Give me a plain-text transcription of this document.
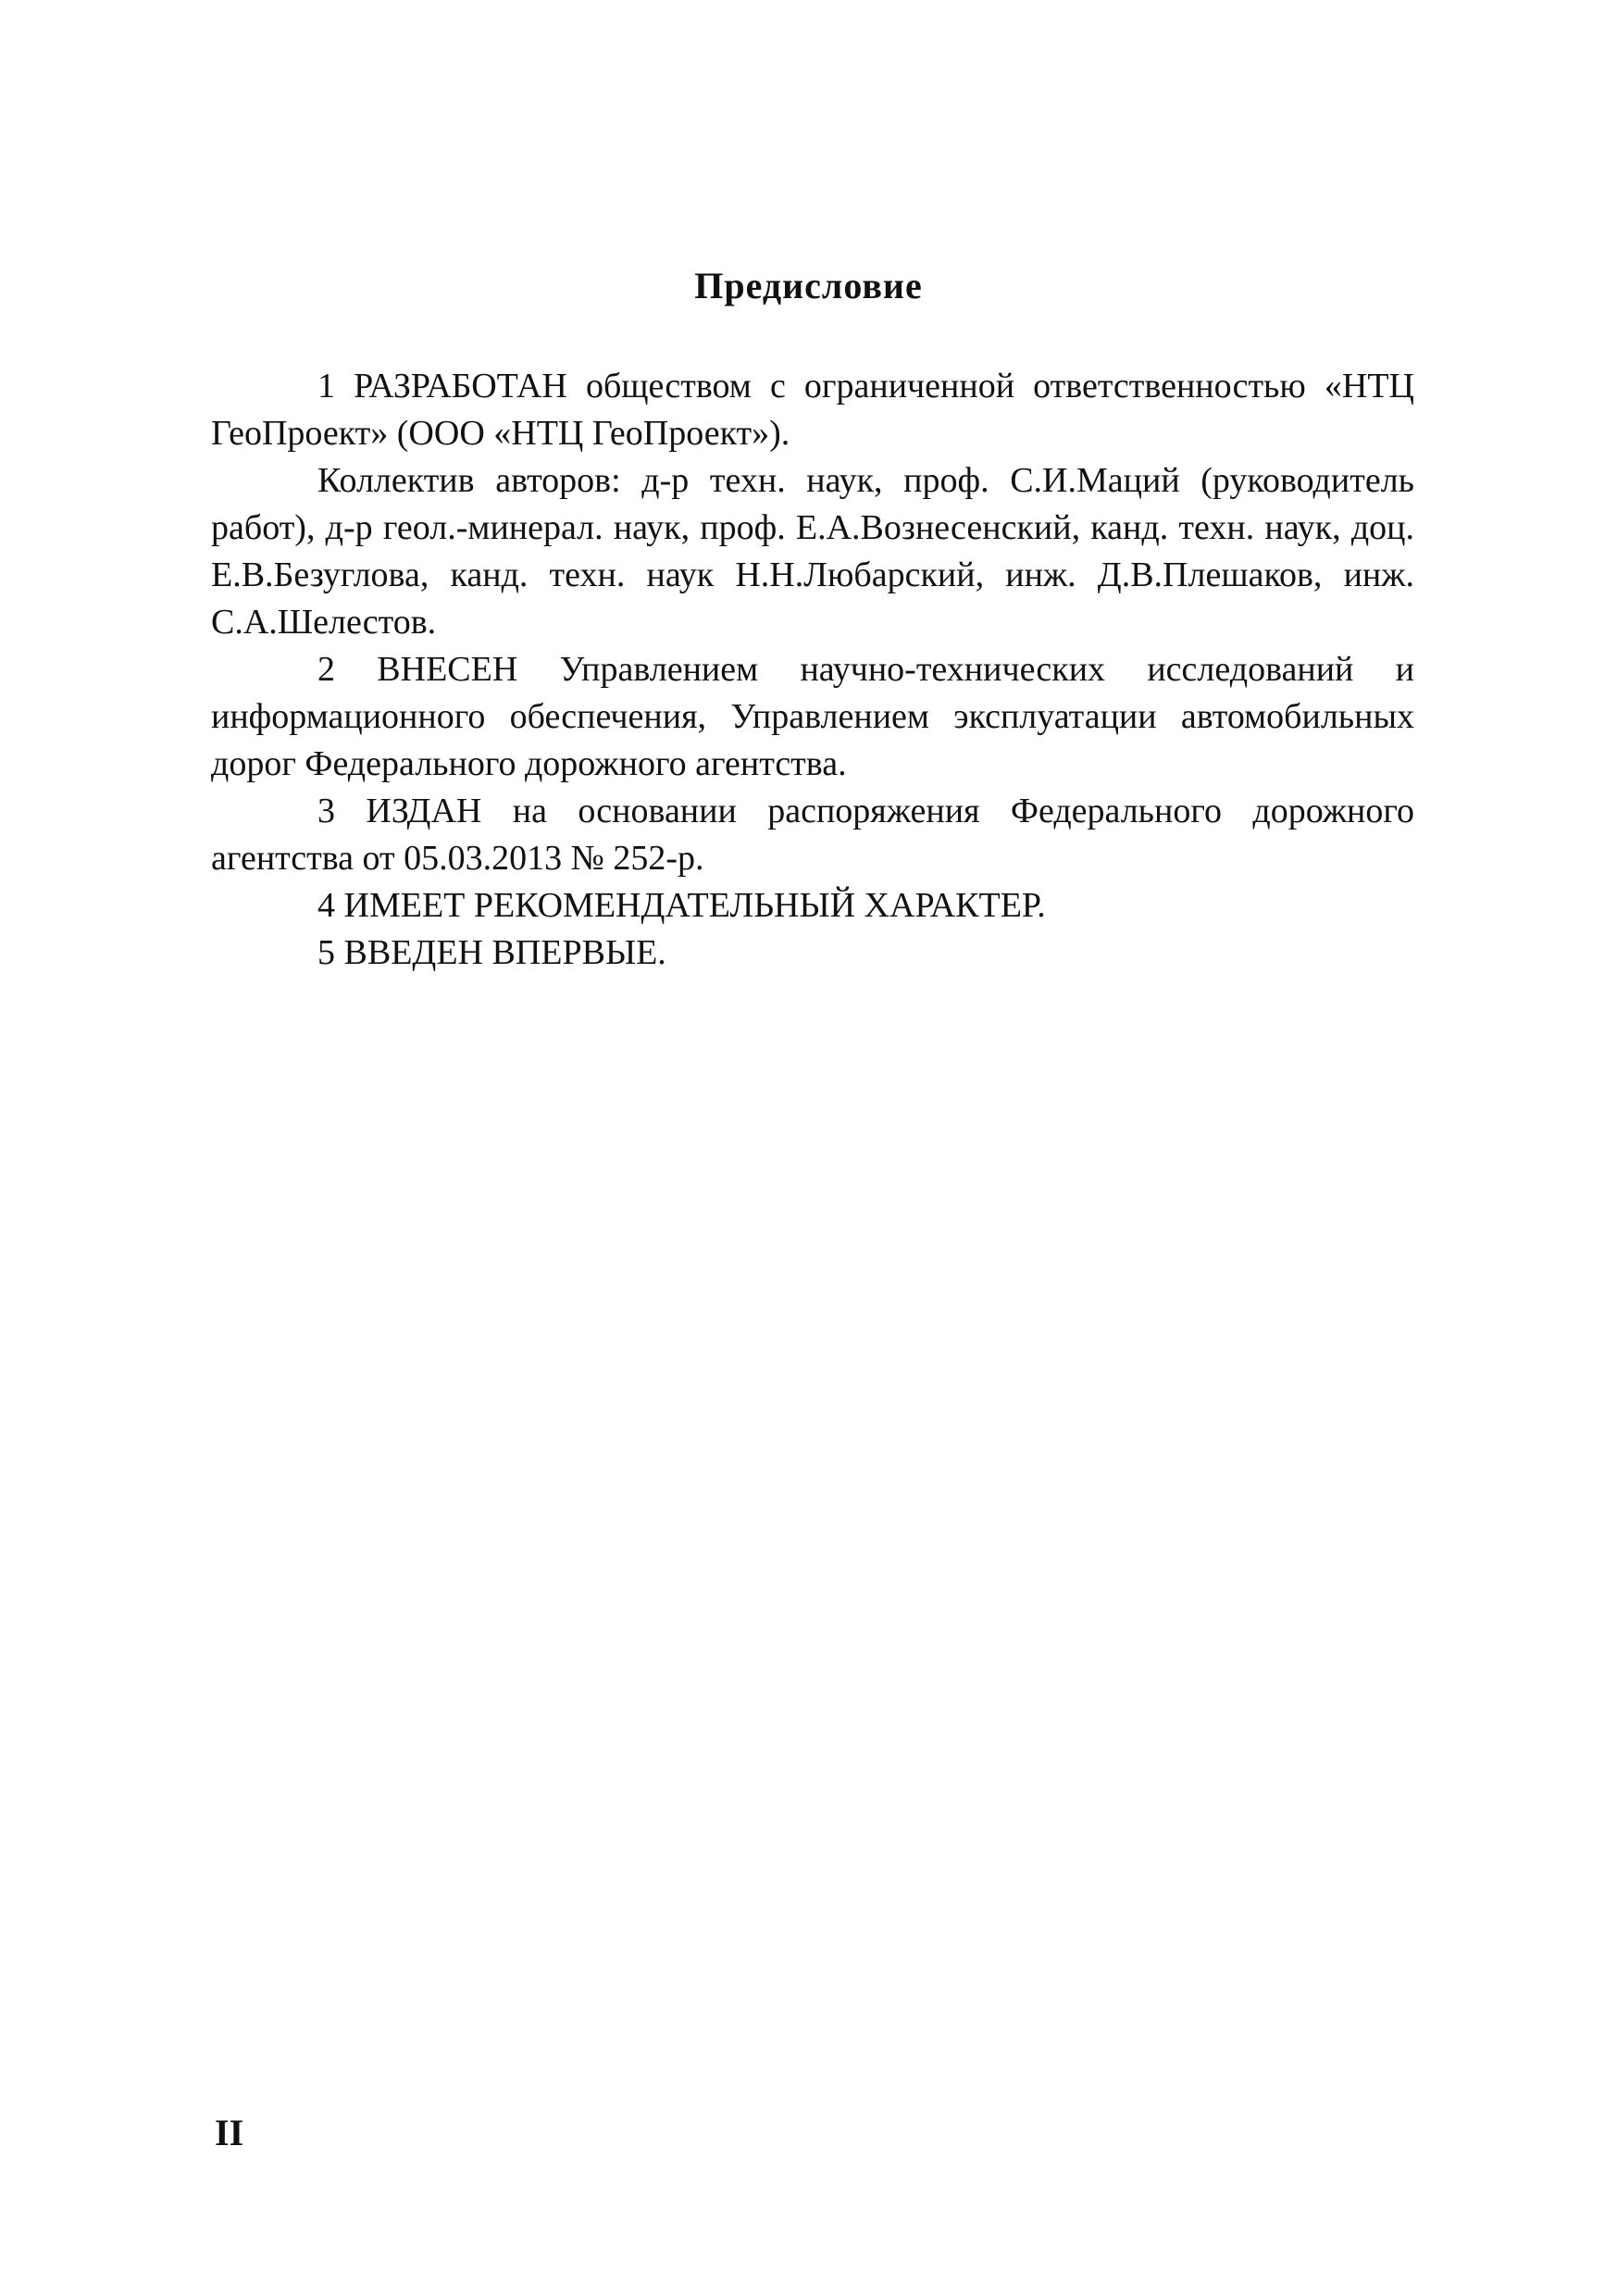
Предисловие

1 РАЗРАБОТАН обществом с ограниченной ответственностью «НТЦ ГеоПроект» (ООО «НТЦ ГеоПроект»).

Коллектив авторов: д-р техн. наук, проф. С.И.Маций (руководитель работ), д-р геол.-минерал. наук, проф. Е.А.Вознесенский, канд. техн. наук, доц. Е.В.Безуглова, канд. техн. наук Н.Н.Любарский, инж. Д.В.Плешаков, инж. С.А.Шелестов.

2 ВНЕСЕН Управлением научно-технических исследований и информационного обеспечения, Управлением эксплуатации автомобильных дорог Федерального дорожного агентства.

3 ИЗДАН на основании распоряжения Федерального дорожного агентства от 05.03.2013 № 252-р.

4 ИМЕЕТ РЕКОМЕНДАТЕЛЬНЫЙ ХАРАКТЕР.

5 ВВЕДЕН ВПЕРВЫЕ.

II
